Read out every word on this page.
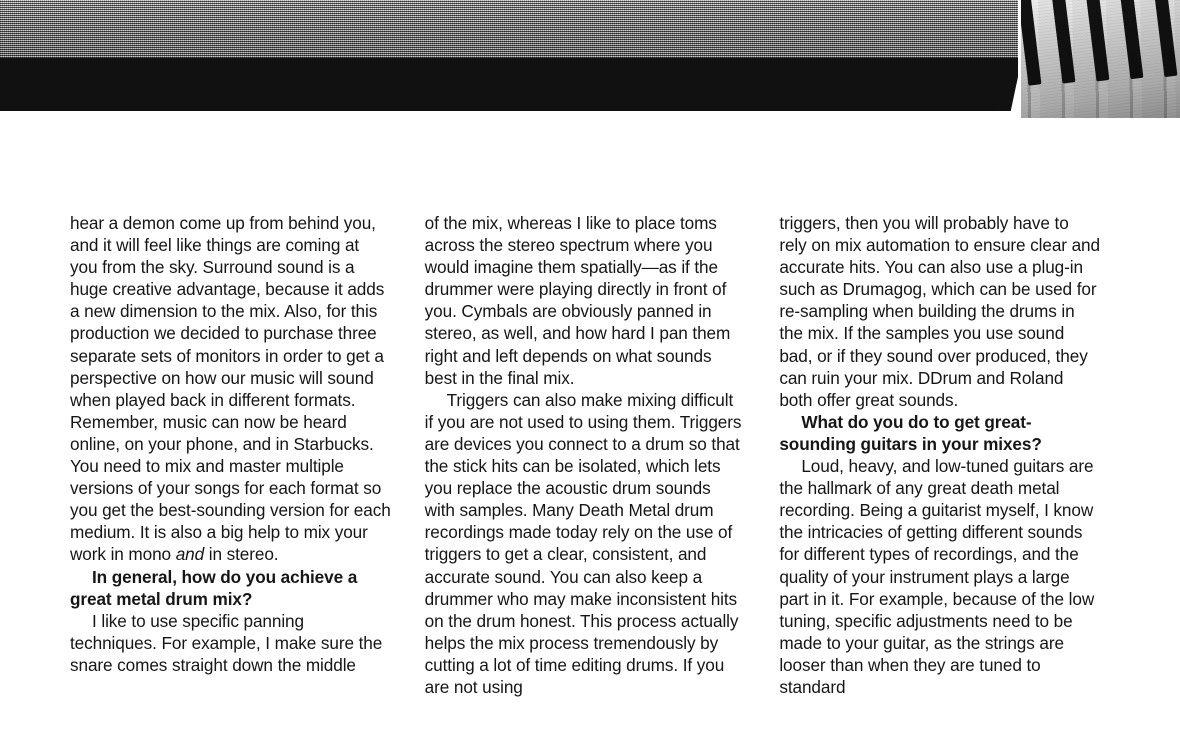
hear a demon come up from behind you, and it will feel like things are coming at you from the sky. Surround sound is a huge creative advantage, because it adds a new dimension to the mix. Also, for this production we decided to purchase three separate sets of monitors in order to get a perspective on how our music will sound when played back in different formats. Remember, music can now be heard online, on your phone, and in Starbucks. You need to mix and master multiple versions of your songs for each format so you get the best-sounding version for each medium. It is also a big help to mix your work in mono and in stereo.

In general, how do you achieve a great metal drum mix?

I like to use specific panning techniques. For example, I make sure the snare comes straight down the middle

of the mix, whereas I like to place toms across the stereo spectrum where you would imagine them spatially—as if the drummer were playing directly in front of you. Cymbals are obviously panned in stereo, as well, and how hard I pan them right and left depends on what sounds best in the final mix.

Triggers can also make mixing difficult if you are not used to using them. Triggers are devices you connect to a drum so that the stick hits can be isolated, which lets you replace the acoustic drum sounds with samples. Many Death Metal drum recordings made today rely on the use of triggers to get a clear, consistent, and accurate sound. You can also keep a drummer who may make inconsistent hits on the drum honest. This process actually helps the mix process tremendously by cutting a lot of time editing drums. If you are not using

triggers, then you will probably have to rely on mix automation to ensure clear and accurate hits. You can also use a plug-in such as Drumagog, which can be used for re-sampling when building the drums in the mix. If the samples you use sound bad, or if they sound over produced, they can ruin your mix. DDrum and Roland both offer great sounds.

What do you do to get great-sounding guitars in your mixes?

Loud, heavy, and low-tuned guitars are the hallmark of any great death metal recording. Being a guitarist myself, I know the intricacies of getting different sounds for different types of recordings, and the quality of your instrument plays a large part in it. For example, because of the low tuning, specific adjustments need to be made to your guitar, as the strings are looser than when they are tuned to standard
